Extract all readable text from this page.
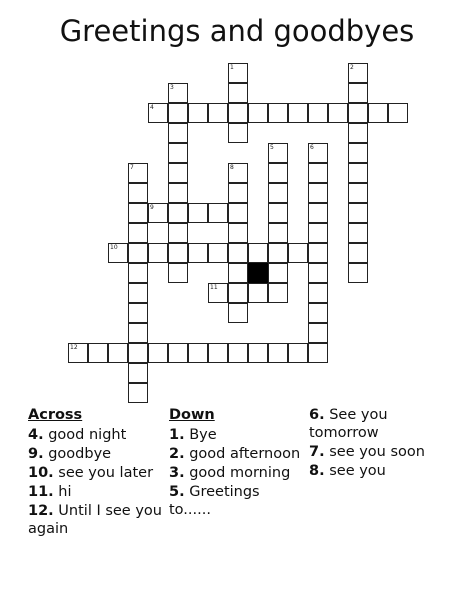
Greetings and goodbyes
1	2
3
4
5	6
7	8
9
10
11
12
Across
4. good night
9. goodbye
10. see you later
11. hi
12. Until I see you again
Down
1. Bye
2. good afternoon
3. good morning
5. Greetings to......
6. See you tomorrow
7. see you soon
8. see you
